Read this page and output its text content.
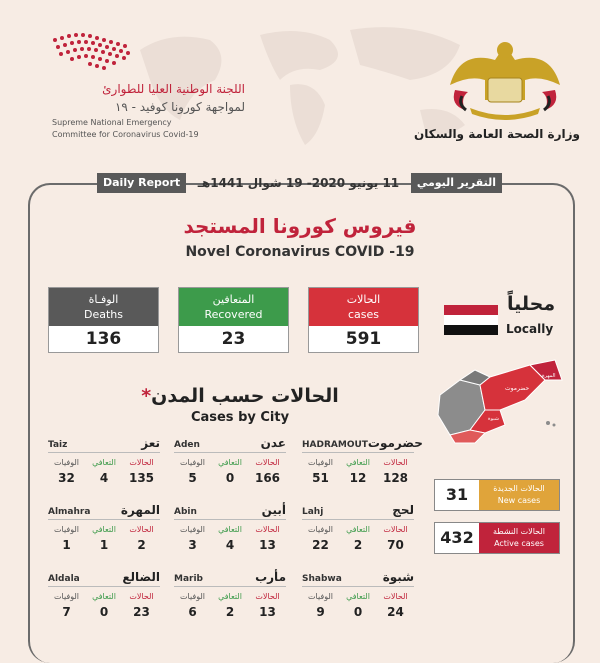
اللجنة الوطنية العليا للطوارئ
لمواجهة كورونا كوفيد - ١٩
Supreme National Emergency
Committee for Coronavirus Covid-19	وزارة الصحة العامة والسكان
Daily Report	11 يونيو 2020- 19 شوال 1441هـ	التقرير اليومي
فيروس كورونا المستجد
Novel Coronavirus COVID -19
الوفـاة
Deaths
136
المتعافين
Recovered
23
الحالات
cases
591
محلياً
Locally
المهرة
حضرموت
شبوة
الحالات حسب المدن*
Cases by City
HADRAMOUT حضرموت
الحالات
التعافي
الوفيات
128
12
51
Aden	عدن
الحالات
التعافي
الوفيات
166
0
5
Taiz	تعز
الحالات
التعافي
الوفيات
135
4
32
Lahj	لحج
الحالات
التعافي
الوفيات
70
2
22
Abin	أبين
الحالات
التعافي
الوفيات
13
4
3
Almahra	المهرة
الحالات
التعافي
الوفيات
2
1
1
Shabwa	شبوة
الحالات
التعافي
الوفيات
24
0
9
Marib	مأرب
الحالات
التعافي
الوفيات
13
2
6
Aldala	الضالع
الحالات
التعافي
الوفيات
23
0
7
31	الحالات الجديدة
New cases
432	الحالات النشطة
Active cases
